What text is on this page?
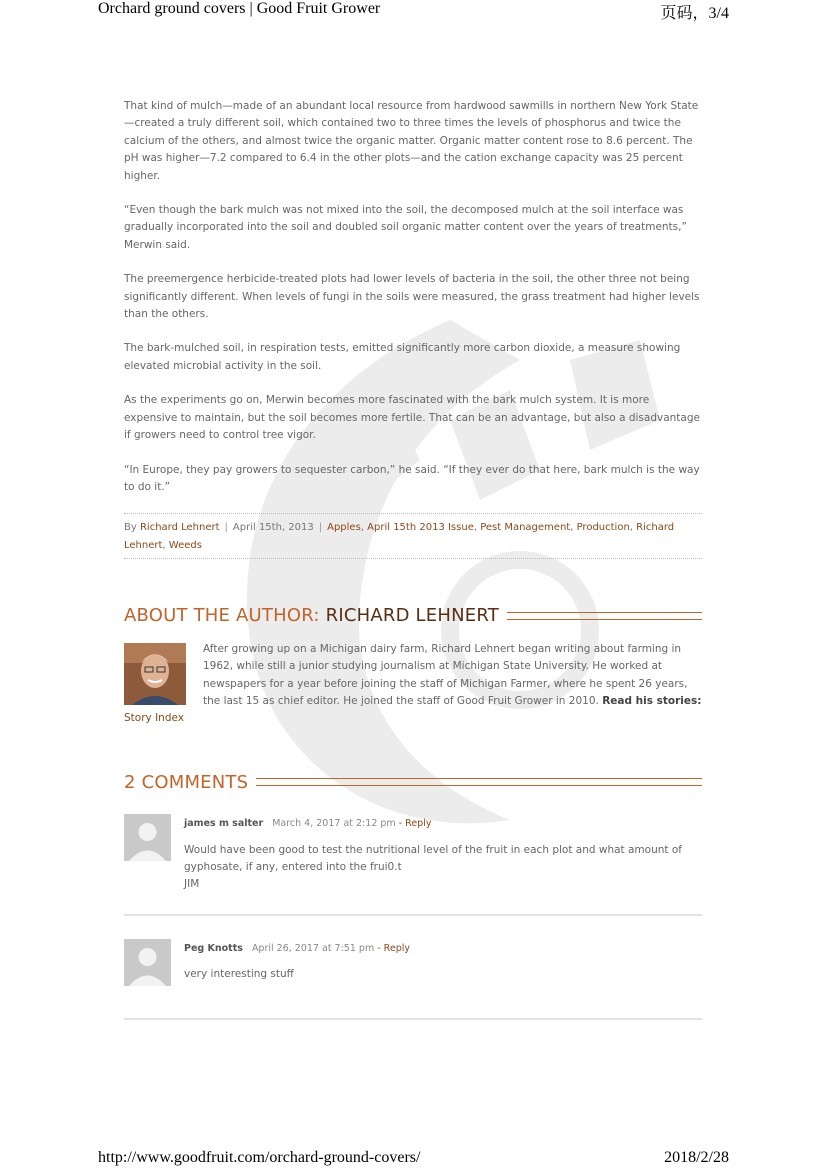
Orchard ground covers | Good Fruit Grower	页码，3/4

That kind of mulch—made of an abundant local resource from hardwood sawmills in northern New York State—created a truly different soil, which contained two to three times the levels of phosphorus and twice the calcium of the others, and almost twice the organic matter. Organic matter content rose to 8.6 percent. The pH was higher—7.2 compared to 6.4 in the other plots—and the cation exchange capacity was 25 percent higher.

“Even though the bark mulch was not mixed into the soil, the decomposed mulch at the soil interface was gradually incorporated into the soil and doubled soil organic matter content over the years of treatments,” Merwin said.

The preemergence herbicide-treated plots had lower levels of bacteria in the soil, the other three not being significantly different. When levels of fungi in the soils were measured, the grass treatment had higher levels than the others.

The bark-mulched soil, in respiration tests, emitted significantly more carbon dioxide, a measure showing elevated microbial activity in the soil.

As the experiments go on, Merwin becomes more fascinated with the bark mulch system. It is more expensive to maintain, but the soil becomes more fertile. That can be an advantage, but also a disadvantage if growers need to control tree vigor.

“In Europe, they pay growers to sequester carbon,” he said. “If they ever do that here, bark mulch is the way to do it.”

By Richard Lehnert | April 15th, 2013 | Apples, April 15th 2013 Issue, Pest Management, Production, Richard Lehnert, Weeds
ABOUT THE AUTHOR: RICHARD LEHNERT
After growing up on a Michigan dairy farm, Richard Lehnert began writing about farming in 1962, while still a junior studying journalism at Michigan State University. He worked at newspapers for a year before joining the staff of Michigan Farmer, where he spent 26 years, the last 15 as chief editor. He joined the staff of Good Fruit Grower in 2010. Read his stories: Story Index
2 COMMENTS
james m salter March 4, 2017 at 2:12 pm - Reply
Would have been good to test the nutritional level of the fruit in each plot and what amount of gyphosate, if any, entered into the frui0.t
JIM
Peg Knotts April 26, 2017 at 7:51 pm - Reply
very interesting stuff
http://www.goodfruit.com/orchard-ground-covers/	2018/2/28
